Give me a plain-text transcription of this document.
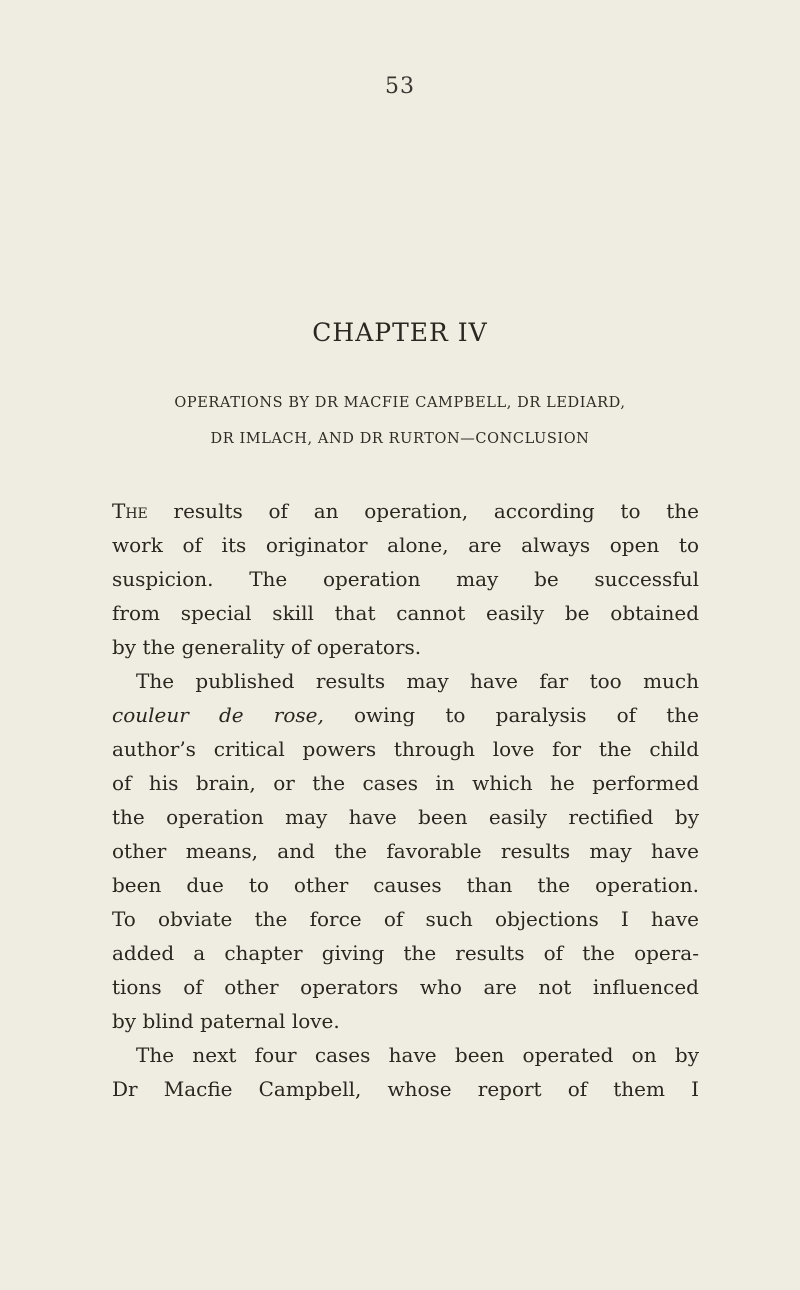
53
CHAPTER IV
OPERATIONS BY DR MACFIE CAMPBELL, DR LEDIARD,
DR IMLACH, AND DR RURTON—CONCLUSION
The results of an operation, according to the
work of its originator alone, are always open to
suspicion. The operation may be successful
from special skill that cannot easily be obtained
by the generality of operators.
The published results may have far too much
couleur de rose, owing to paralysis of the
author’s critical powers through love for the child
of his brain, or the cases in which he performed
the operation may have been easily rectified by
other means, and the favorable results may have
been due to other causes than the operation.
To obviate the force of such objections I have
added a chapter giving the results of the opera-
tions of other operators who are not influenced
by blind paternal love.
The next four cases have been operated on by
Dr Macfie Campbell, whose report of them I
